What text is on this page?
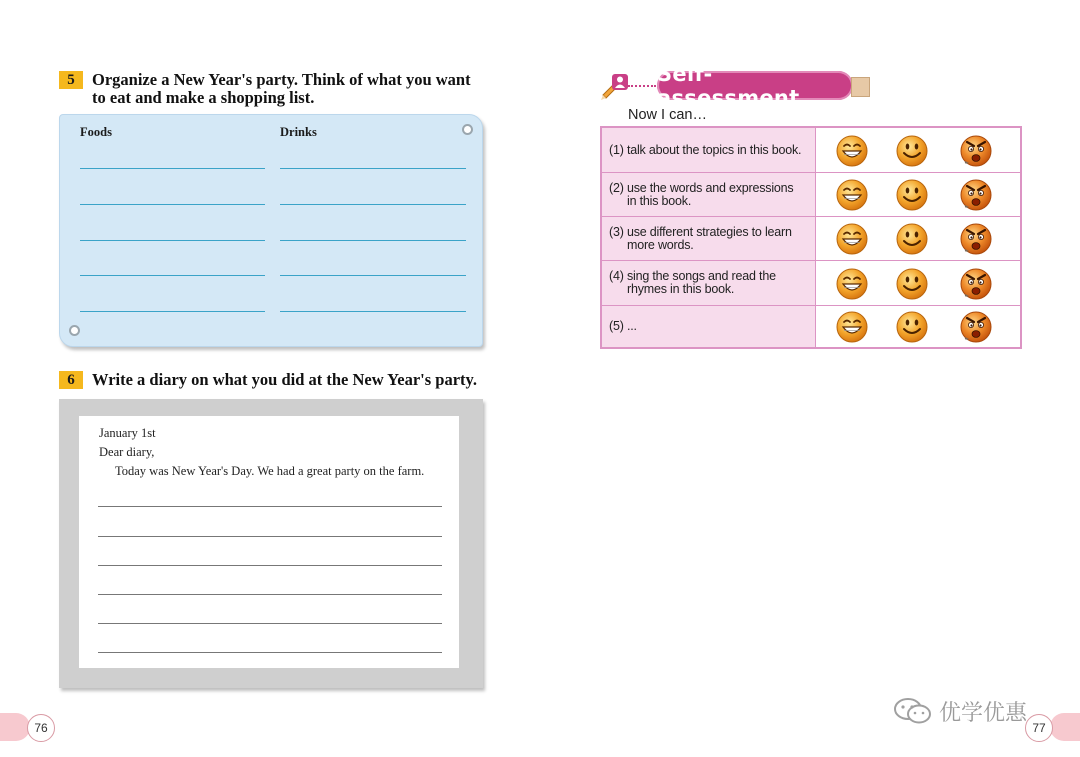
5	Organize a New Year's party. Think of what you want
to eat and make a shopping list.
Foods	Drinks
6	Write a diary on what you did at the New Year's party.
January 1st
Dear diary,
Today was New Year's Day. We had a great party on the farm.
Self-assessment
Now I can…
(1) talk about the topics in this book.
(2) use the words and expressions
in this book.
(3) use different strategies to learn
more words.
(4) sing the songs and read the
rhymes in this book.
(5) ...
76	77
优学优惠
